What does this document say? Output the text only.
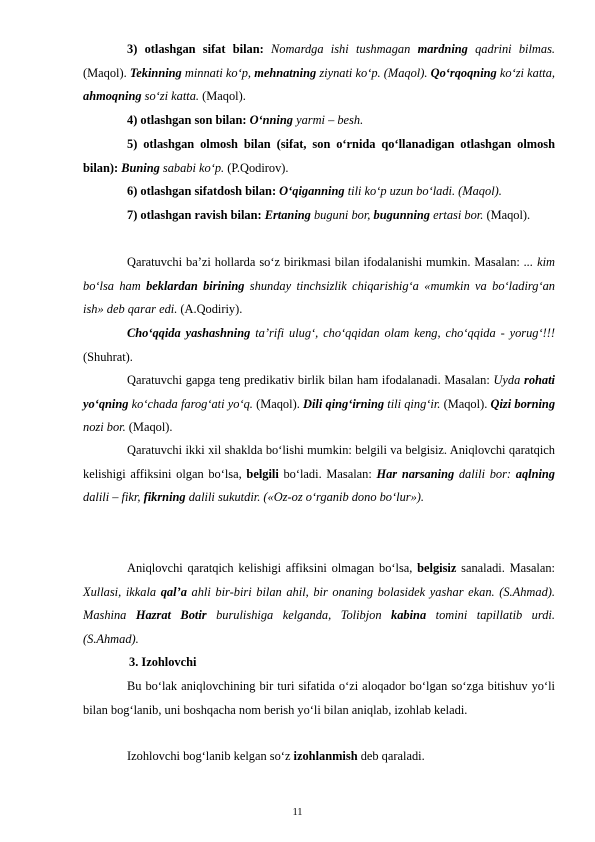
3) otlashgan sifat bilan: Nomardga ishi tushmagan mardning qadrini bilmas. (Maqol). Tekinning minnati ko‘p, mehnatning ziynati ko‘p. (Maqol). Qo‘rqoqning ko‘zi katta, ahmoqning so‘zi katta. (Maqol).

4) otlashgan son bilan: O‘nning yarmi – besh.

5) otlashgan olmosh bilan (sifat, son o‘rnida qo‘llanadigan otlashgan olmosh bilan): Buning sababi ko‘p. (P.Qodirov).

6) otlashgan sifatdosh bilan: O‘qiganning tili ko‘p uzun bo‘ladi. (Maqol).

7) otlashgan ravish bilan: Ertaning buguni bor, bugunning ertasi bor. (Maqol).

Qaratuvchi ba’zi hollarda so‘z birikmasi bilan ifodalanishi mumkin. Masalan: ... kim bo‘lsa ham beklardan birining shunday tinchsizlik chiqarishig‘a «mumkin va bo‘ladirg‘an ish» deb qarar edi. (A.Qodiriy).

Cho‘qqida yashashning ta’rifi ulug‘, cho‘qqidan olam keng, cho‘qqida - yorug‘!!! (Shuhrat).

Qaratuvchi gapga teng predikativ birlik bilan ham ifodalanadi. Masalan: Uyda rohati yo‘qning ko‘chada farog‘ati yo‘q. (Maqol). Dili qing‘irning tili qing‘ir. (Maqol). Qizi borning nozi bor. (Maqol).

Qaratuvchi ikki xil shaklda bo‘lishi mumkin: belgili va belgisiz. Aniqlovchi qaratqich kelishigi affiksini olgan bo‘lsa, belgili bo‘ladi. Masalan: Har narsaning dalili bor: aqlning dalili – fikr, fikrning dalili sukutdir. («Oz-oz o‘rganib dono bo‘lur»).

Aniqlovchi qaratqich kelishigi affiksini olmagan bo‘lsa, belgisiz sanaladi. Masalan: Xullasi, ikkala qal’a ahli bir-biri bilan ahil, bir onaning bolasidek yashar ekan. (S.Ahmad). Mashina Hazrat Botir burulishiga kelganda, Tolibjon kabina tomini tapillatib urdi. (S.Ahmad).

3. Izohlovchi

Bu bo‘lak aniqlovchining bir turi sifatida o‘zi aloqador bo‘lgan so‘zga bitishuv yo‘li bilan bog‘lanib, uni boshqacha nom berish yo‘li bilan aniqlab, izohlab keladi.

Izohlovchi bog‘lanib kelgan so‘z izohlanmish deb qaraladi.

11
